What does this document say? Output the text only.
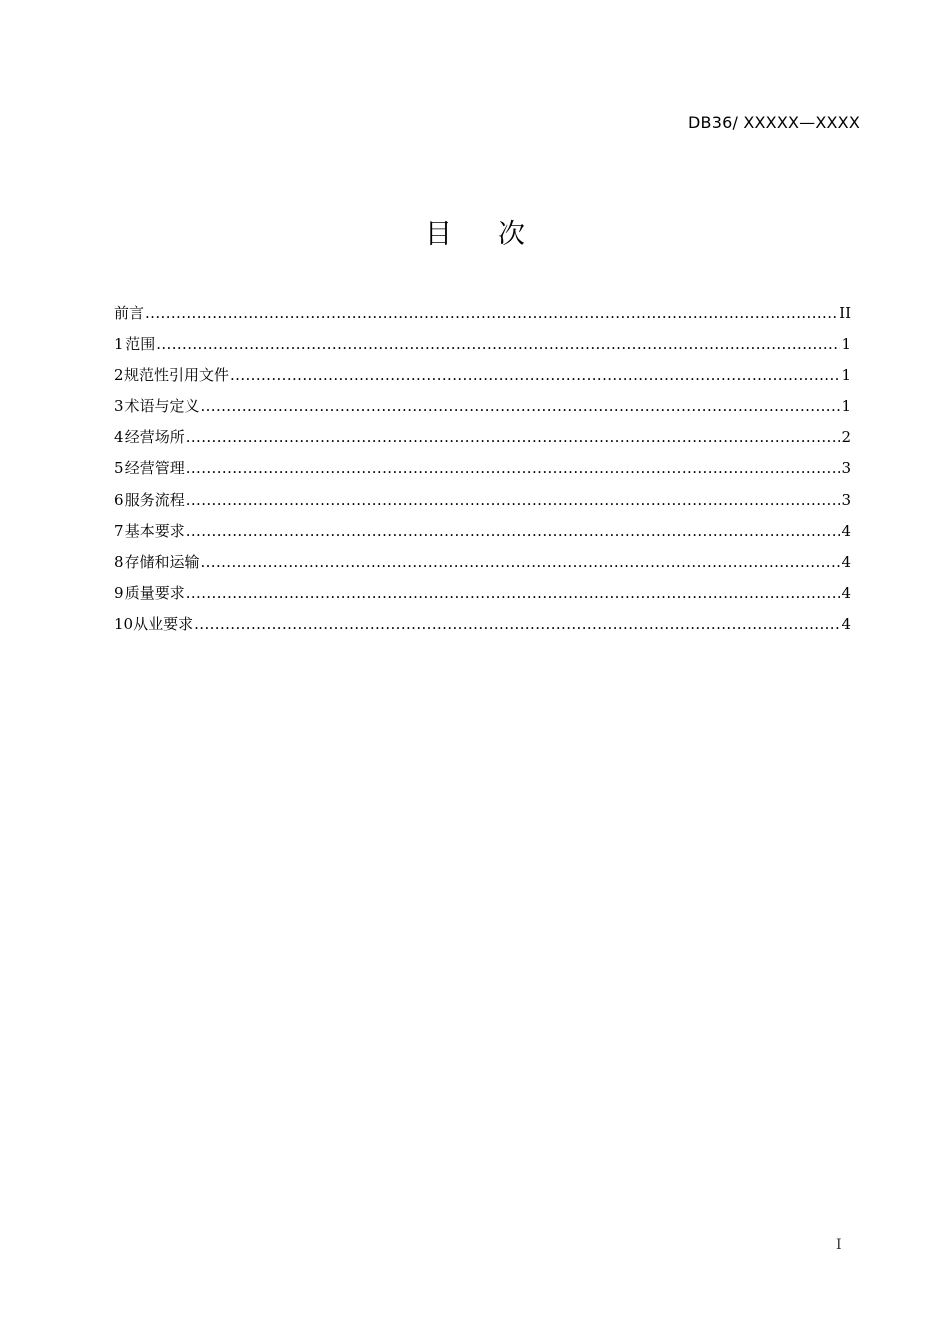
DB36/ XXXXX—XXXX
目 次
前言 .....	II
1 范围 .....	1
2 规范性引用文件 .....	1
3 术语与定义 .....	1
4 经营场所 .....	2
5 经营管理 .....	3
6 服务流程 .....	3
7 基本要求 .....	4
8 存储和运输 .....	4
9 质量要求 .....	4
10 从业要求 .....	4
I
